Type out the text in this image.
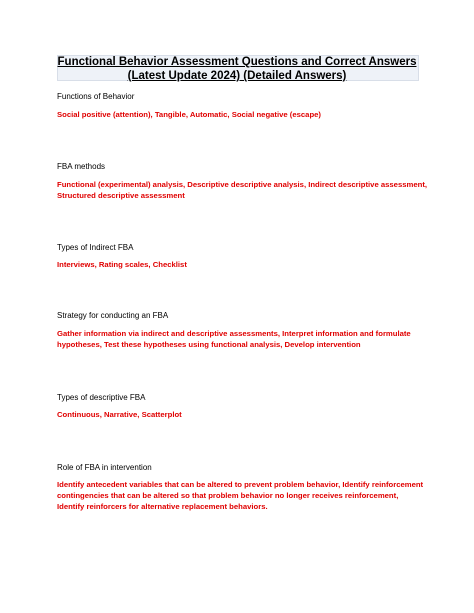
Functional Behavior Assessment Questions and Correct Answers
(Latest Update 2024) (Detailed Answers)
Functions of Behavior
Social positive (attention), Tangible, Automatic, Social negative (escape)
FBA methods
Functional (experimental) analysis, Descriptive descriptive analysis, Indirect descriptive assessment, Structured descriptive assessment
Types of Indirect FBA
Interviews, Rating scales, Checklist
Strategy for conducting an FBA
Gather information via indirect and descriptive assessments, Interpret information and formulate hypotheses, Test these hypotheses using functional analysis, Develop intervention
Types of descriptive FBA
Continuous, Narrative, Scatterplot
Role of FBA in intervention
Identify antecedent variables that can be altered to prevent problem behavior, Identify reinforcement contingencies that can be altered so that problem behavior no longer receives reinforcement, Identify reinforcers for alternative replacement behaviors.
